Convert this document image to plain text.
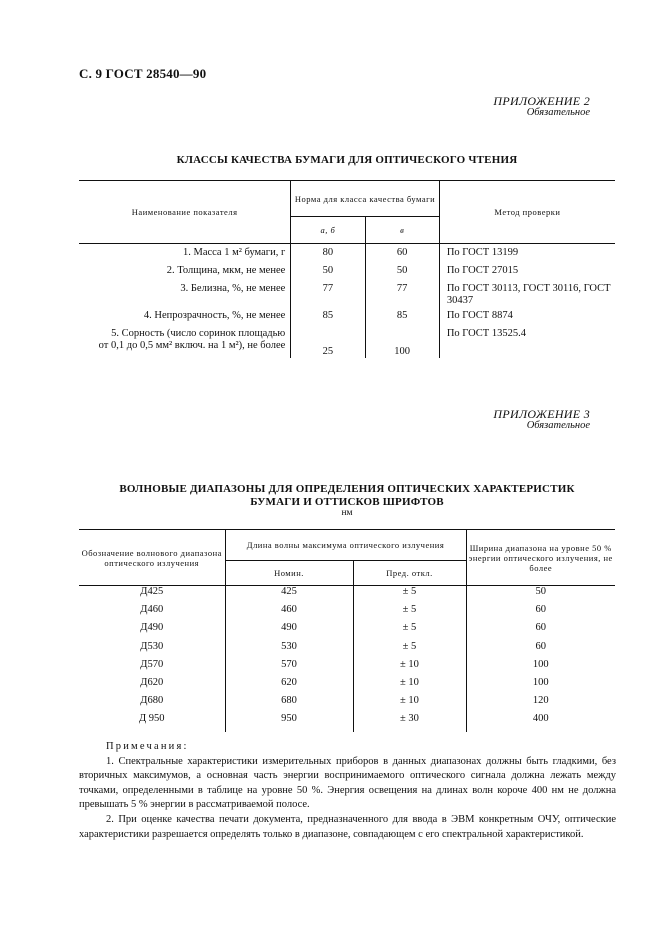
С. 9 ГОСТ 28540—90
ПРИЛОЖЕНИЕ 2
Обязательное
КЛАССЫ КАЧЕСТВА БУМАГИ ДЛЯ ОПТИЧЕСКОГО ЧТЕНИЯ
Наименование показателя	Норма для класса качества бумаги		Метод проверки
	а, б	в	
1. Масса 1 м² бумаги, г	80	60	По ГОСТ 13199
2. Толщина, мкм, не менее	50	50	По ГОСТ 27015
3. Белизна, %, не менее	77	77	По ГОСТ 30113, ГОСТ 30116, ГОСТ 30437
4. Непрозрачность, %, не менее	85	85	По ГОСТ 8874

5. Сорность (число соринок площадью
от 0,1 до 0,5 мм² включ. на 1 м²), не более	25	100	По ГОСТ 13525.4
ПРИЛОЖЕНИЕ 3
Обязательное
ВОЛНОВЫЕ ДИАПАЗОНЫ ДЛЯ ОПРЕДЕЛЕНИЯ ОПТИЧЕСКИХ ХАРАКТЕРИСТИК
БУМАГИ И ОТТИСКОВ ШРИФТОВ
нм
Обозначение волнового диапазона оптического излучения	Длина волны максимума оптического излучения		Ширина диапазона на уровне 50 % энергии оптического излучения, не более
	Номин.	Пред. откл.	
Д425	425	± 5	50
Д460	460	± 5	60
Д490	490	± 5	60
Д530	530	± 5	60
Д570	570	± 10	100
Д620	620	± 10	100
Д680	680	± 10	120
Д 950	950	± 30	400
Примечания:

1. Спектральные характеристики измерительных приборов в данных диапазонах должны быть гладкими, без вторичных максимумов, а основная часть энергии воспринимаемого оптического сигнала должна лежать между точками, определенными в таблице на уровне 50 %. Энергия освещения на длинах волн короче 400 нм не должна превышать 5 % энергии в рассматриваемой полосе.

2. При оценке качества печати документа, предназначенного для ввода в ЭВМ конкретным ОЧУ, оптические характеристики разрешается определять только в диапазоне, совпадающем с его спектральной характеристикой.
